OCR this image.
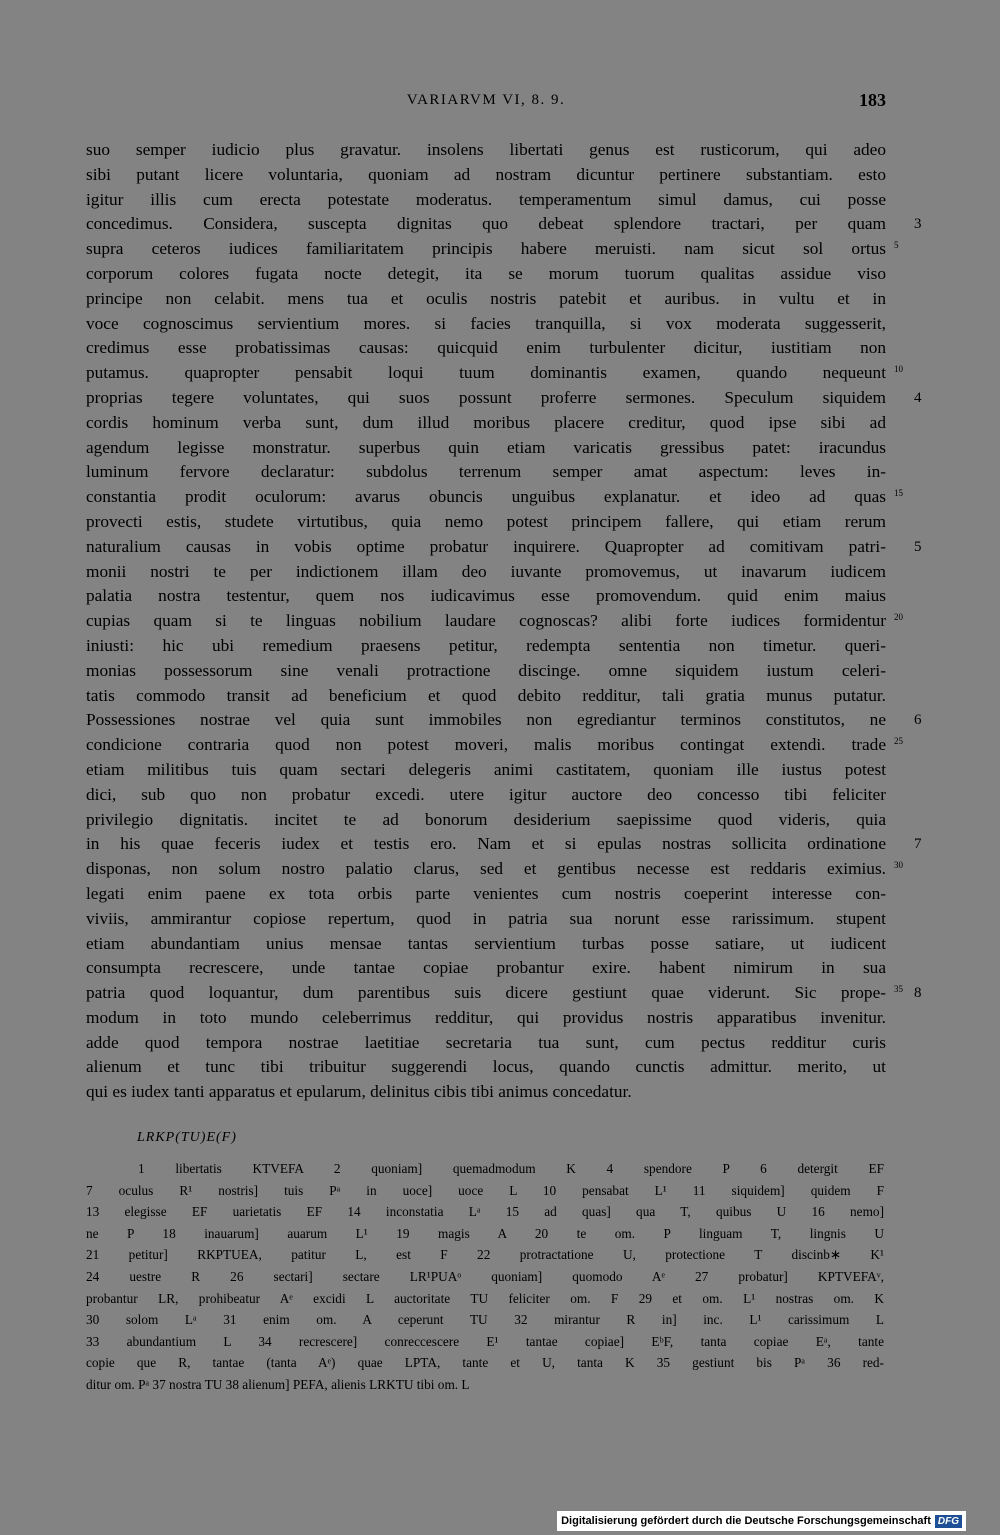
VARIARVM VI, 8. 9.	183
suo semper iudicio plus gravatur. insolens libertati genus est rusticorum, qui adeo
sibi putant licere voluntaria, quoniam ad nostram dicuntur pertinere substantiam. esto
igitur illis cum erecta potestate moderatus. temperamentum simul damus, cui posse
concedimus. Considera, suscepta dignitas quo debeat splendore tractari, per quam 3
supra ceteros iudices familiaritatem principis habere meruisti. nam sicut sol ortus 5
corporum colores fugata nocte detegit, ita se morum tuorum qualitas assidue viso
principe non celabit. mens tua et oculis nostris patebit et auribus. in vultu et in
voce cognoscimus servientium mores. si facies tranquilla, si vox moderata suggesserit,
credimus esse probatissimas causas: quicquid enim turbulenter dicitur, iustitiam non
putamus. quapropter pensabit loqui tuum dominantis examen, quando nequeunt 10
proprias tegere voluntates, qui suos possunt proferre sermones. Speculum siquidem 4
cordis hominum verba sunt, dum illud moribus placere creditur, quod ipse sibi ad
agendum legisse monstratur. superbus quin etiam varicatis gressibus patet: iracundus
luminum fervore declaratur: subdolus terrenum semper amat aspectum: leves in-
constantia prodit oculorum: avarus obuncis unguibus explanatur. et ideo ad quas 15
provecti estis, studete virtutibus, quia nemo potest principem fallere, qui etiam rerum
naturalium causas in vobis optime probatur inquirere. Quapropter ad comitivam patri- 5
monii nostri te per indictionem illam deo iuvante promovemus, ut inavarum iudicem
palatia nostra testentur, quem nos iudicavimus esse promovendum. quid enim maius
cupias quam si te linguas nobilium laudare cognoscas? alibi forte iudices formidentur 20
iniusti: hic ubi remedium praesens petitur, redempta sententia non timetur. queri-
monias possessorum sine venali protractione discinge. omne siquidem iustum celeri-
tatis commodo transit ad beneficium et quod debito redditur, tali gratia munus putatur.
Possessiones nostrae vel quia sunt immobiles non egrediantur terminos constitutos, ne 6
condicione contraria quod non potest moveri, malis moribus contingat extendi. trade 25
etiam militibus tuis quam sectari delegeris animi castitatem, quoniam ille iustus potest
dici, sub quo non probatur excedi. utere igitur auctore deo concesso tibi feliciter
privilegio dignitatis. incitet te ad bonorum desiderium saepissime quod videris, quia
in his quae feceris iudex et testis ero. Nam et si epulas nostras sollicita ordinatione 7
disponas, non solum nostro palatio clarus, sed et gentibus necesse est reddaris eximius. 30
legati enim paene ex tota orbis parte venientes cum nostris coeperint interesse con-
viviis, ammirantur copiose repertum, quod in patria sua norunt esse rarissimum. stupent
etiam abundantiam unius mensae tantas servientium turbas posse satiare, ut iudicent
consumpta recrescere, unde tantae copiae probantur exire. habent nimirum in sua
patria quod loquantur, dum parentibus suis dicere gestiunt quae viderunt. Sic prope- 35 8
modum in toto mundo celeberrimus redditur, qui providus nostris apparatibus invenitur.
adde quod tempora nostrae laetitiae secretaria tua sunt, cum pectus redditur curis
alienum et tunc tibi tribuitur suggerendi locus, quando cunctis admittur. merito, ut
qui es iudex tanti apparatus et epularum, delinitus cibis tibi animus concedatur.
LRKP(TU)E(F)
1 libertatis KTVEFA 2 quoniam] quemadmodum K 4 spendore P 6 detergit EF
7 oculus R¹ nostris] tuis Pᵃ in uoce] uoce L 10 pensabat L¹ 11 siquidem] quidem F
13 elegisse EF uarietatis EF 14 inconstatia Lᵃ 15 ad quas] qua T, quibus U 16 nemo]
ne P 18 inauarum] auarum L¹ 19 magis A 20 te om. P linguam T, lingnis U
21 petitur] RKPTUEA, patitur L, est F 22 protractatione U, protectione T discinb∗ K¹
24 uestre R 26 sectari] sectare LR¹PUAᵒ quoniam] quomodo Aᵉ 27 probatur] KPTVEFAᵛ,
probantur LR, prohibeatur Aᵉ excidi L auctoritate TU feliciter om. F 29 et om. L¹ nostras om. K
30 solom Lᵃ 31 enim om. A ceperunt TU 32 mirantur R in] inc. L¹ carissimum L
33 abundantium L 34 recrescere] conreccescere E¹ tantae copiae] EᵇF, tanta copiae Eᵃ, tante
copie que R, tantae (tanta Aᵉ) quae LPTA, tante et U, tanta K 35 gestiunt bis Pᵃ 36 red-
ditur om. Pᵃ 37 nostra TU 38 alienum] PEFA, alienis LRKTU tibi om. L
Digitalisierung gefördert durch die Deutsche Forschungsgemeinschaft DFG
